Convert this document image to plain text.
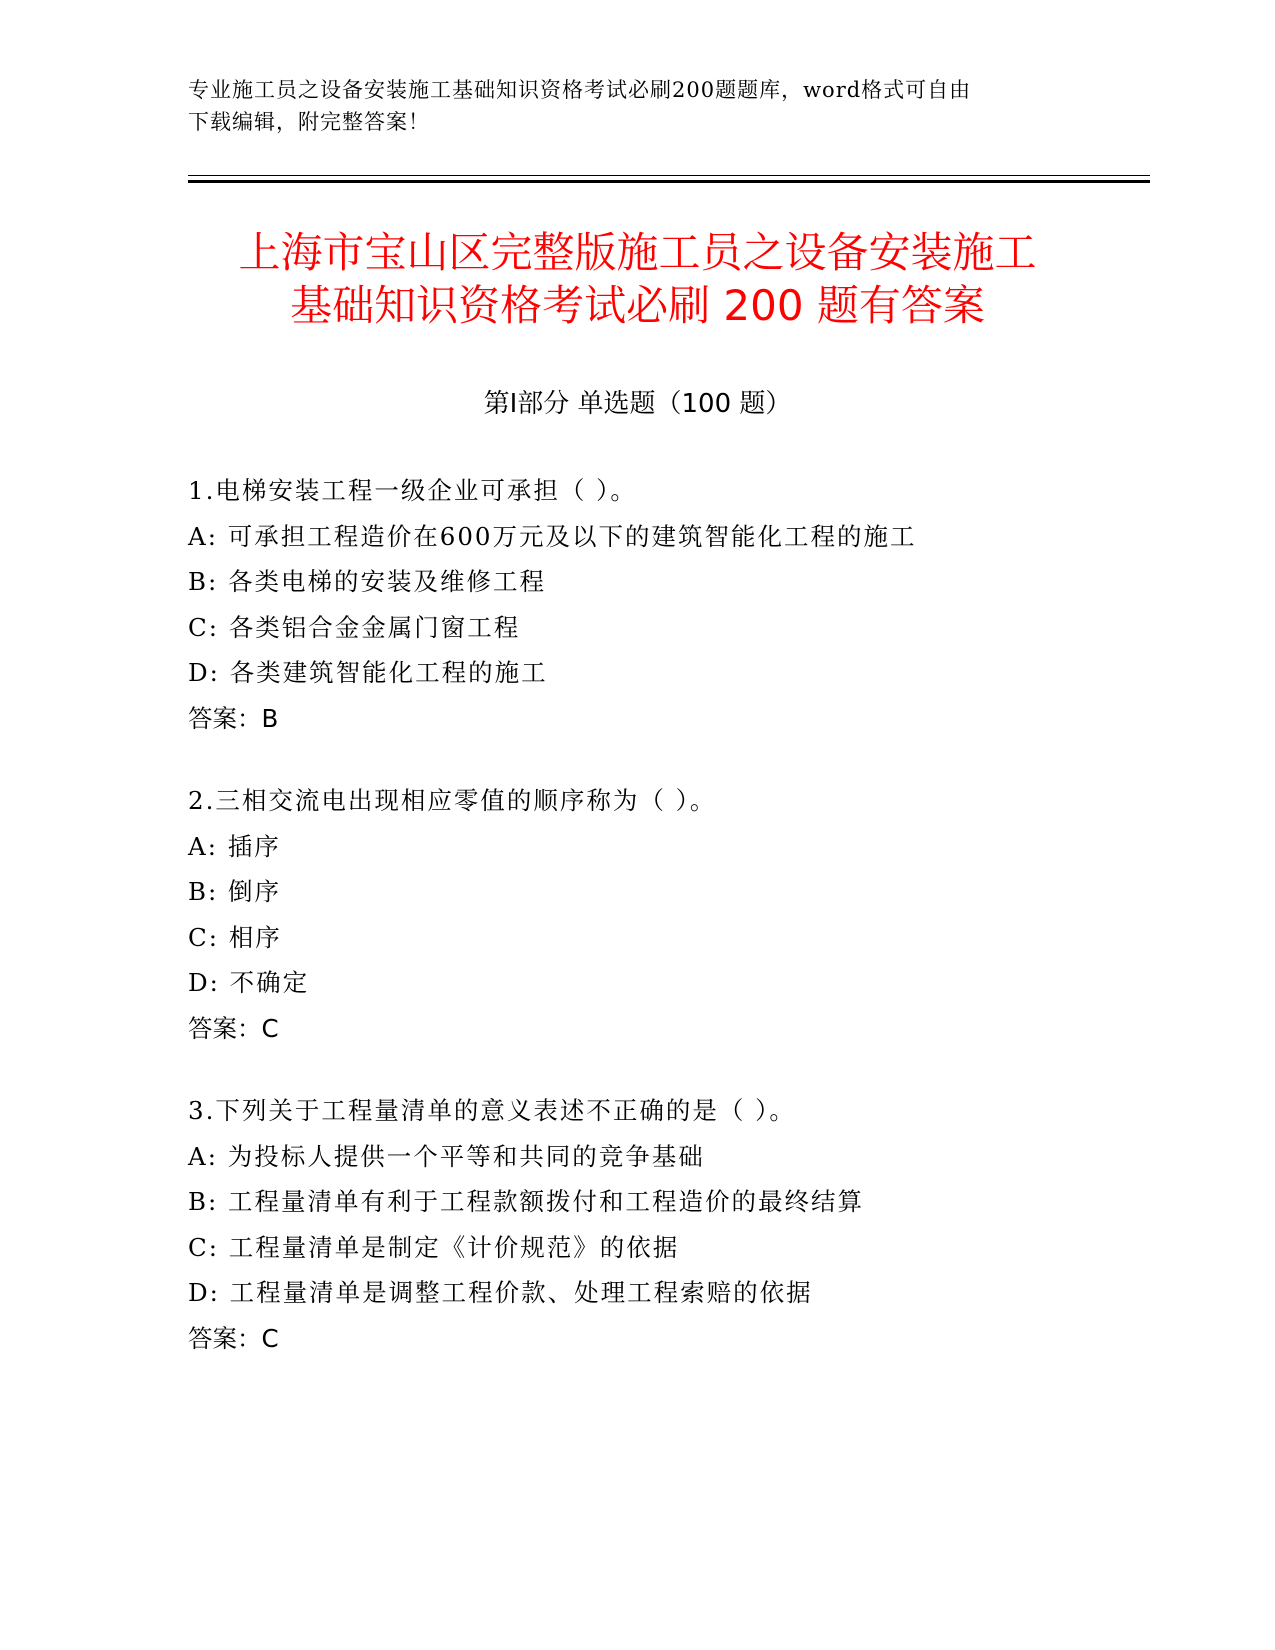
专业施工员之设备安装施工基础知识资格考试必刷200题题库，word格式可自由
下载编辑，附完整答案！
上海市宝山区完整版施工员之设备安装施工
基础知识资格考试必刷 200 题有答案
第Ⅰ部分 单选题（100 题）
1.电梯安装工程一级企业可承担（ ）。
A: 可承担工程造价在600万元及以下的建筑智能化工程的施工
B: 各类电梯的安装及维修工程
C: 各类铝合金金属门窗工程
D: 各类建筑智能化工程的施工
答案：B
2.三相交流电出现相应零值的顺序称为（ ）。
A: 插序
B: 倒序
C: 相序
D: 不确定
答案：C
3.下列关于工程量清单的意义表述不正确的是（ ）。
A: 为投标人提供一个平等和共同的竞争基础
B: 工程量清单有利于工程款额拨付和工程造价的最终结算
C: 工程量清单是制定《计价规范》的依据
D: 工程量清单是调整工程价款、处理工程索赔的依据
答案：C
